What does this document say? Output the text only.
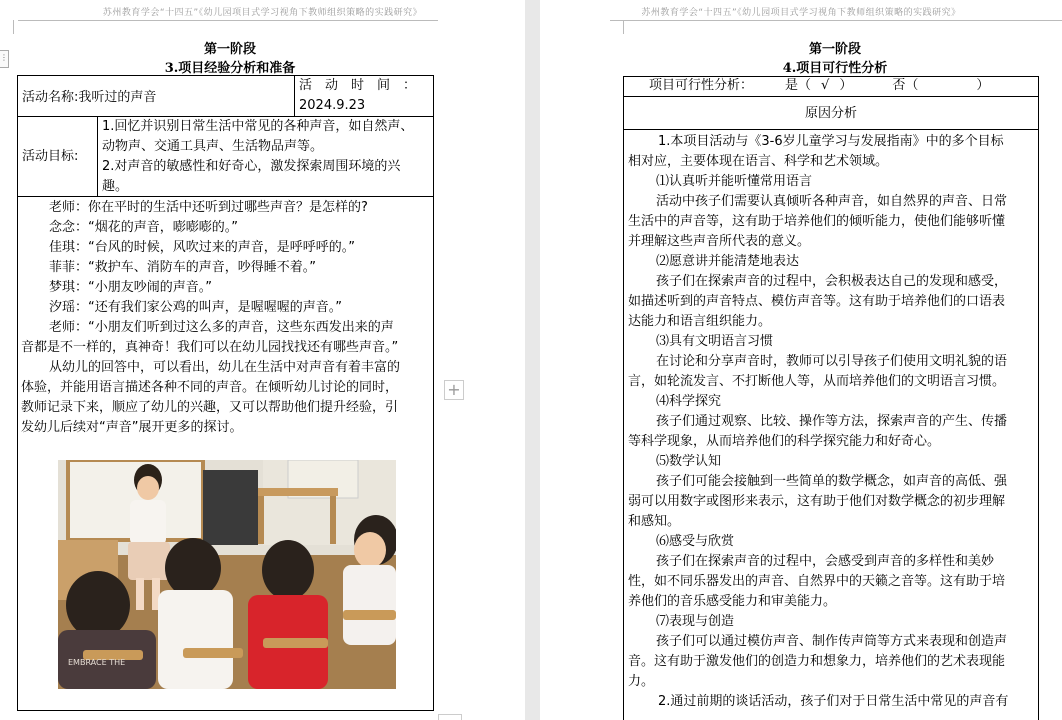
苏州教育学会“十四五”《幼儿园项目式学习视角下教师组织策略的实践研究》
⋮
第一阶段
3.项目经验分析和准备
活动名称:我听过的声音
活　动　时　间　：
2024.9.23
活动目标:
1.回忆并识别日常生活中常见的各种声音，如自然声、
动物声、交通工具声、生活物品声等。
2.对声音的敏感性和好奇心，激发探索周围环境的兴
趣。
老师：你在平时的生活中还听到过哪些声音？是怎样的?
念念：“烟花的声音，嘭嘭嘭的。”
佳琪：“台风的时候，风吹过来的声音，是呼呼呼的。”
菲菲：“救护车、消防车的声音，吵得睡不着。”
梦琪：“小朋友吵闹的声音。”
汐瑶：“还有我们家公鸡的叫声，是喔喔喔的声音。”
老师：“小朋友们听到过这么多的声音，这些东西发出来的声
音都是不一样的，真神奇！我们可以在幼儿园找找还有哪些声音。”
从幼儿的回答中，可以看出，幼儿在生活中对声音有着丰富的
体验，并能用语言描述各种不同的声音。在倾听幼儿讨论的同时，
教师记录下来，顺应了幼儿的兴趣，又可以帮助他们提升经验，引
发幼儿后续对“声音”展开更多的探讨。
EMBRACE THE
+
苏州教育学会“十四五”《幼儿园项目式学习视角下教师组织策略的实践研究》
第一阶段
4.项目可行性分析
项目可行性分析： 是（ √ ）	否（	）
原因分析
1.本项目活动与《3-6岁儿童学习与发展指南》中的多个目标
相对应，主要体现在语言、科学和艺术领域。
⑴认真听并能听懂常用语言
活动中孩子们需要认真倾听各种声音，如自然界的声音、日常
生活中的声音等，这有助于培养他们的倾听能力，使他们能够听懂
并理解这些声音所代表的意义。
⑵愿意讲并能清楚地表达
孩子们在探索声音的过程中，会积极表达自己的发现和感受，
如描述听到的声音特点、模仿声音等。这有助于培养他们的口语表
达能力和语言组织能力。
⑶具有文明语言习惯
在讨论和分享声音时，教师可以引导孩子们使用文明礼貌的语
言，如轮流发言、不打断他人等，从而培养他们的文明语言习惯。
⑷科学探究
孩子们通过观察、比较、操作等方法，探索声音的产生、传播
等科学现象，从而培养他们的科学探究能力和好奇心。
⑸数学认知
孩子们可能会接触到一些简单的数学概念，如声音的高低、强
弱可以用数字或图形来表示，这有助于他们对数学概念的初步理解
和感知。
⑹感受与欣赏
孩子们在探索声音的过程中，会感受到声音的多样性和美妙
性，如不同乐器发出的声音、自然界中的天籁之音等。这有助于培
养他们的音乐感受能力和审美能力。
⑺表现与创造
孩子们可以通过模仿声音、制作传声筒等方式来表现和创造声
音。这有助于激发他们的创造力和想象力，培养他们的艺术表现能
力。
2.通过前期的谈话活动，孩子们对于日常生活中常见的声音有
